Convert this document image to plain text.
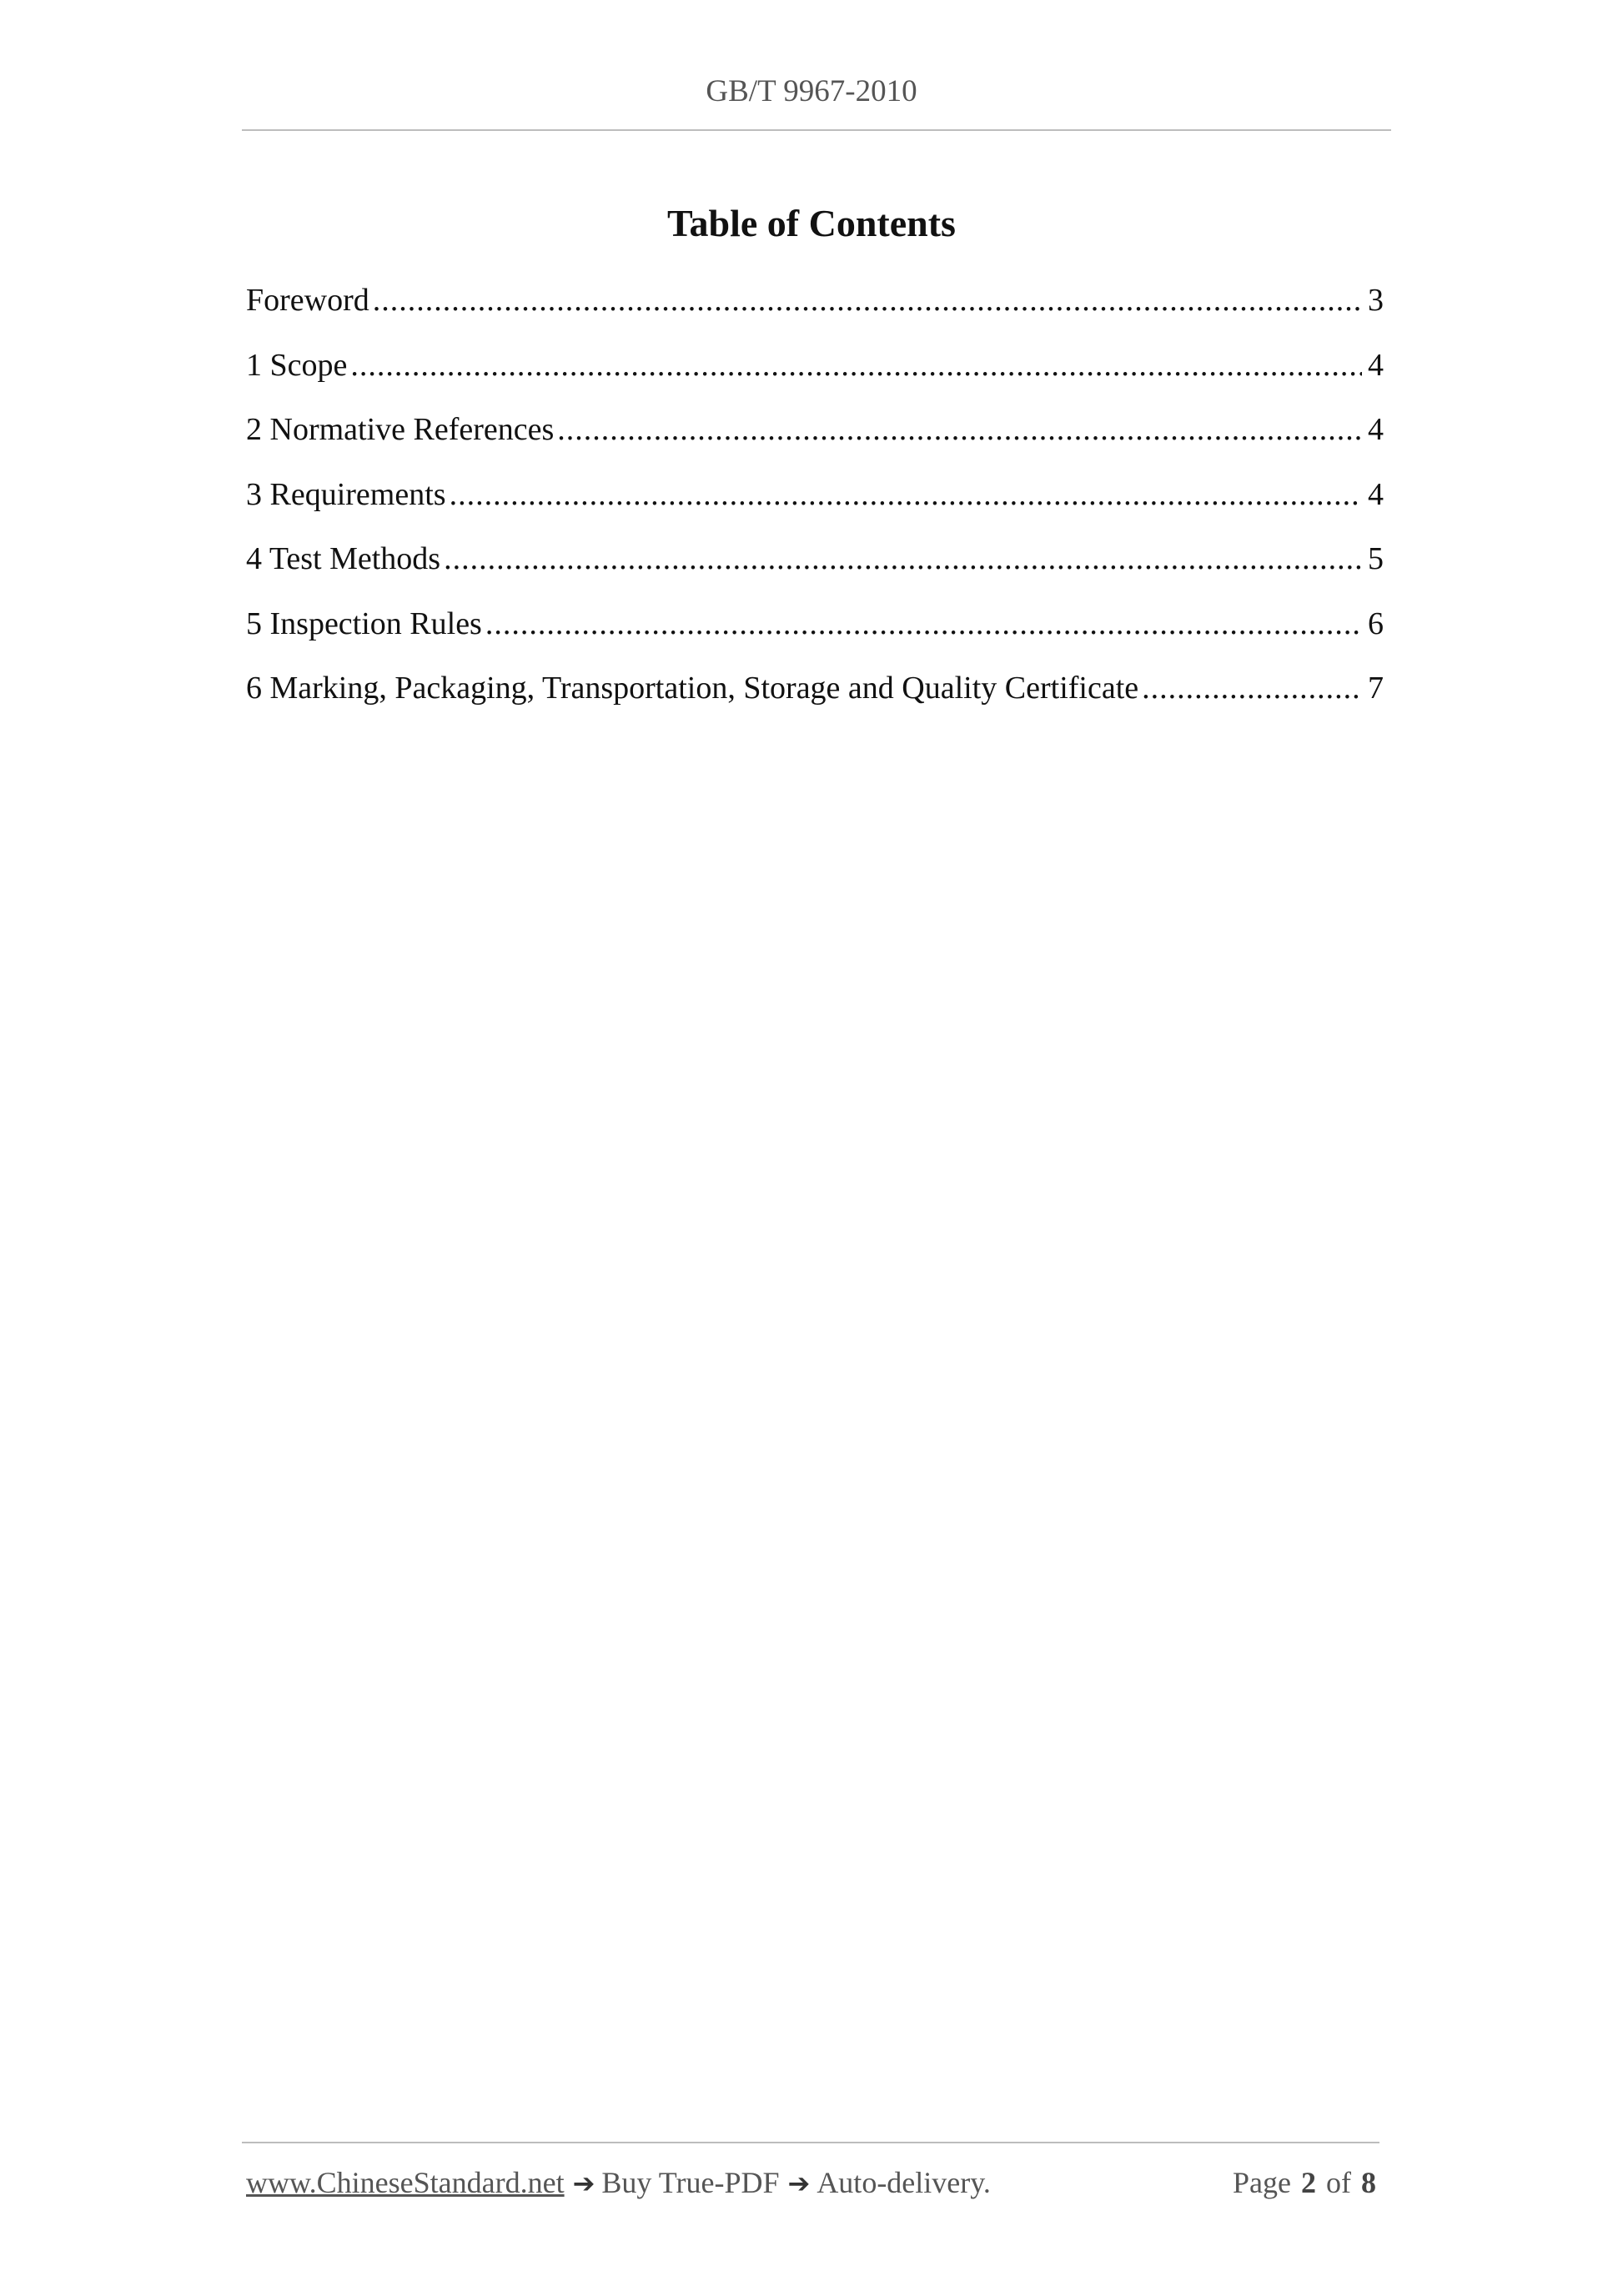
GB/T 9967-2010
Table of Contents
Foreword .....	3
1 Scope .....	4
2 Normative References .....	4
3 Requirements .....	4
4 Test Methods .....	5
5 Inspection Rules .....	6
6 Marking, Packaging, Transportation, Storage and Quality Certificate .....	7
www.ChineseStandard.net ➔ Buy True-PDF ➔ Auto-delivery.	Page 2 of 8
